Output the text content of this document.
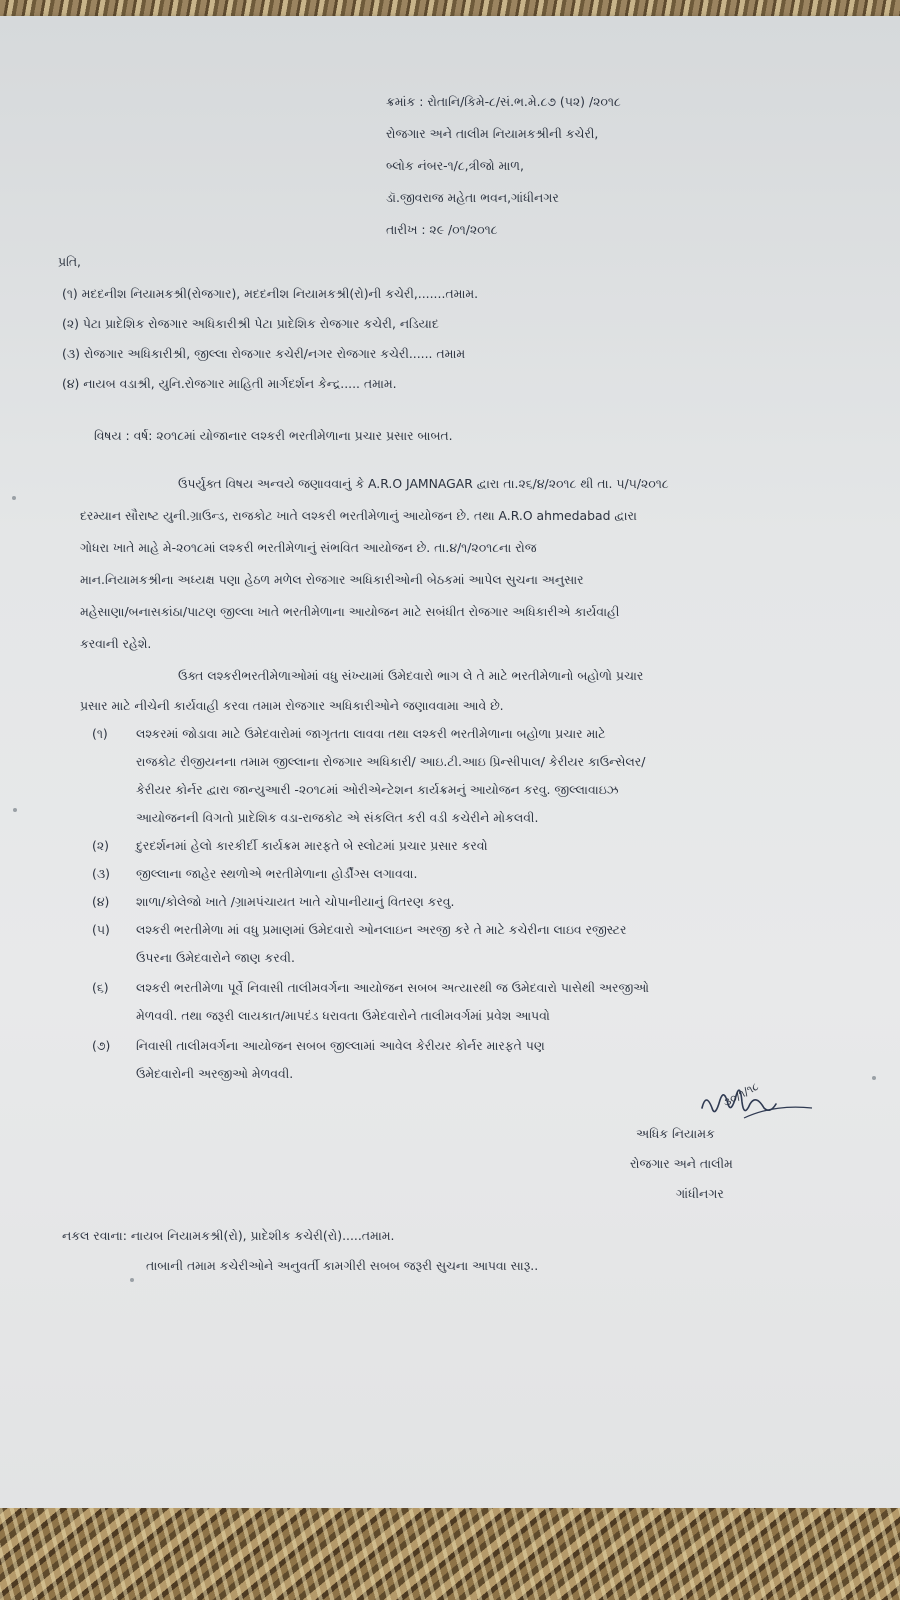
ક્રમાંક : રોતાનિ/કિમે-૮/સં.ભ.મે.૮૭ (૫૨) /૨૦૧૮
રોજગાર અને તાલીમ નિયામકશ્રીની કચેરી,
બ્લોક નંબર-૧/૮,ત્રીજો માળ,
ડૉ.જીવરાજ મહેતા ભવન,ગાંધીનગર
તારીખ : ૨૯ /૦૧/૨૦૧૮
પ્રતિ,
(૧) મદદનીશ નિયામકશ્રી(રોજગાર), મદદનીશ નિયામકશ્રી(રો)ની કચેરી,.......તમામ.
(૨) પેટા પ્રાદેશિક રોજગાર અધિકારીશ્રી પેટા પ્રાદેશિક રોજગાર કચેરી, નડિયાદ
(૩) રોજગાર અધિકારીશ્રી, જીલ્લા રોજગાર કચેરી/નગર રોજગાર કચેરી...... તમામ
(૪) નાયબ વડાશ્રી, યુનિ.રોજગાર માહિતી માર્ગદર્શન કેન્દ્ર..... તમામ.
વિષય : વર્ષ: ૨૦૧૮માં યોજાનાર લશ્કરી ભરતીમેળાના પ્રચાર પ્રસાર બાબત.
ઉપર્યુક્ત વિષય અન્વયે જણાવવાનું કે A.R.O JAMNAGAR દ્વારા તા.૨૬/૪/૨૦૧૮ થી તા. ૫/૫/૨૦૧૮
દરમ્યાન સૌરાષ્ટ યુની.ગ્રાઉન્ડ, રાજકોટ ખાતે લશ્કરી ભરતીમેળાનું આયોજન છે. તથા A.R.O ahmedabad દ્વારા
ગોધરા ખાતે માહે મે-૨૦૧૮માં લશ્કરી ભરતીમેળાનું સંભવિત આયોજન છે. તા.૪/૧/૨૦૧૮ના રોજ
માન.નિયામકશ્રીના અધ્યક્ષ પણા હેઠળ મળેલ રોજગાર અધિકારીઓની બેઠકમાં આપેલ સુચના અનુસાર
મહેસાણા/બનાસકાંઠા/પાટણ જીલ્લા ખાતે ભરતીમેળાના આયોજન માટે સબંધીત રોજગાર અધિકારીએ કાર્યવાહી
કરવાની રહેશે.
ઉક્ત લશ્કરીભરતીમેળાઓમાં વધુ સંખ્યામાં ઉમેદવારો ભાગ લે તે માટે ભરતીમેળાનો બહોળો પ્રચાર
પ્રસાર માટે નીચેની કાર્યવાહી કરવા તમામ રોજગાર અધિકારીઓને જણાવવામા આવે છે.
(૧) લશ્કરમાં જોડાવા માટે ઉમેદવારોમાં જાગૃતતા લાવવા તથા લશ્કરી ભરતીમેળાના બહોળા પ્રચાર માટે
રાજકોટ રીજીયનના તમામ જીલ્લાના રોજગાર અધિકારી/ આઇ.ટી.આઇ પ્રિન્સીપાલ/ કેરીયર કાઉન્સેલર/
કેરીયર કોર્નર દ્વારા જાન્યુઆરી -૨૦૧૮માં ઓરીએન્ટેશન કાર્યક્રમનું આયોજન કરવુ. જીલ્લાવાઇઝ
આયોજનની વિગતો પ્રાદેશિક વડા-રાજકોટ એ સંકલિત કરી વડી કચેરીને મોકલવી.
(૨) દુરદર્શનમાં હેલો કારકીર્દી કાર્યક્રમ મારફતે બે સ્લોટમાં પ્રચાર પ્રસાર કરવો
(૩) જીલ્લાના જાહેર સ્થળોએ ભરતીમેળાના હોર્ડીંગ્સ લગાવવા.
(૪) શાળા/કોલેજો ખાતે /ગ્રામપંચાયત ખાતે ચોપાનીયાનું વિતરણ કરવુ.
(૫) લશ્કરી ભરતીમેળા માં વધુ પ્રમાણમાં ઉમેદવારો ઓનલાઇન અરજી કરે તે માટે કચેરીના લાઇવ રજીસ્ટર
ઉપરના ઉમેદવારોને જાણ કરવી.
(૬) લશ્કરી ભરતીમેળા પૂર્વે નિવાસી તાલીમવર્ગના આયોજન સબબ અત્યારથી જ ઉમેદવારો પાસેથી અરજીઓ
મેળવવી. તથા જરૂરી લાયકાત/માપદંડ ધરાવતા ઉમેદવારોને તાલીમવર્ગમાં પ્રવેશ આપવો
(૭) નિવાસી તાલીમવર્ગના આયોજન સબબ જીલ્લામાં આવેલ કેરીયર કોર્નર મારફતે પણ
ઉમેદવારોની અરજીઓ મેળવવી.
૩૦/૧/૧૮
અધિક નિયામક
રોજગાર અને તાલીમ
ગાંધીનગર
નકલ રવાના: નાયબ નિયામકશ્રી(રો), પ્રાદેશીક કચેરી(રો).....તમામ.
તાબાની તમામ કચેરીઓને અનુવર્તી કામગીરી સબબ જરૂરી સુચના આપવા સારૂ..
